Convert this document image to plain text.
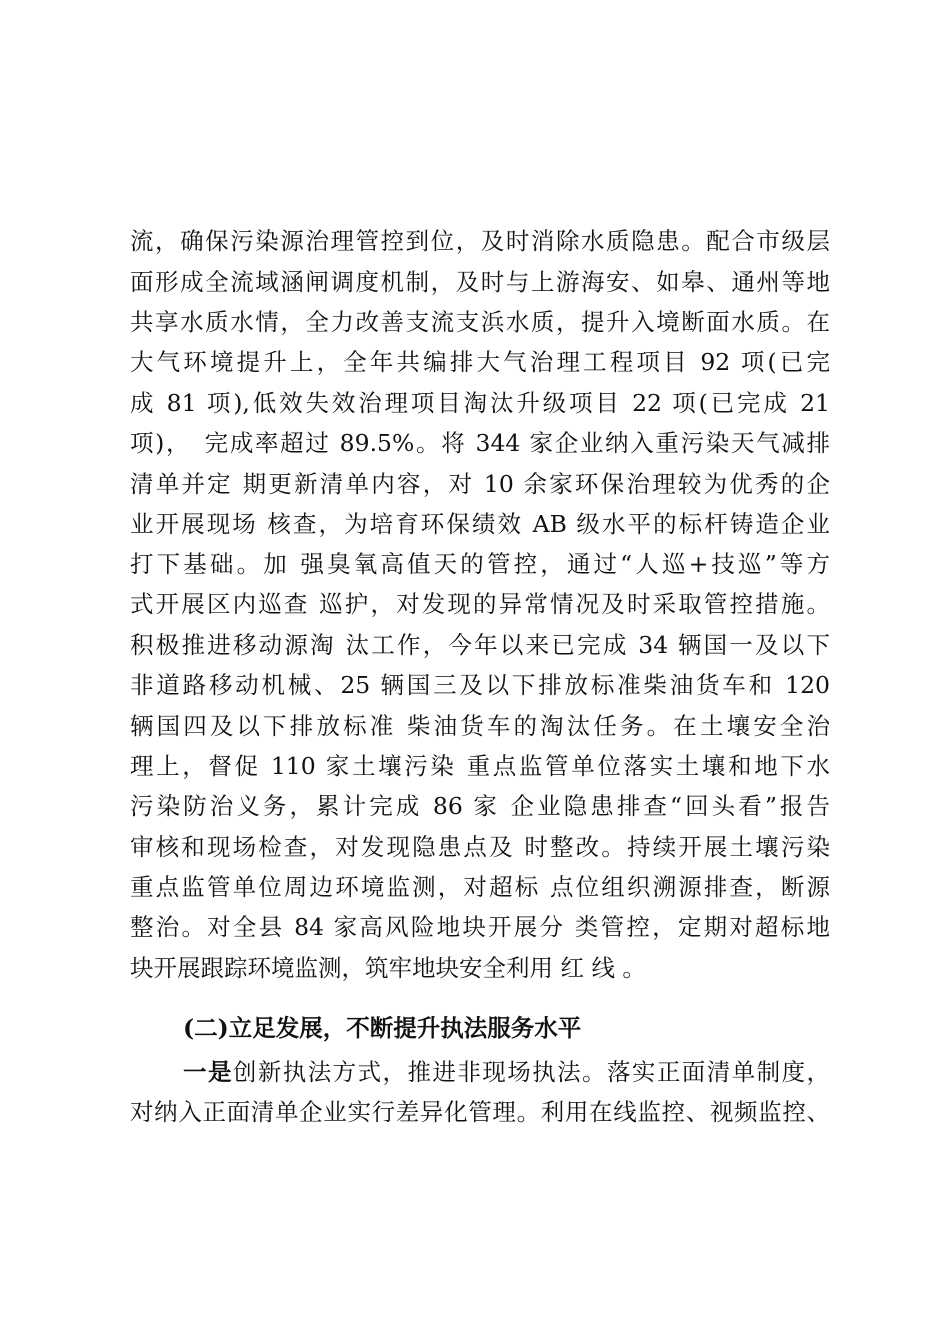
流，确保污染源治理管控到位，及时消除水质隐患。配合市级层
面形成全流域涵闸调度机制，及时与上游海安、如皋、通州等地
共享水质水情，全力改善支流支浜水质，提升入境断面水质。在
大气环境提升上，全年共编排大气治理工程项目 92 项(已完
成 81 项),低效失效治理项目淘汰升级项目 22 项(已完成 21
项)，　完成率超过 89.5%。将 344 家企业纳入重污染天气减排
清单并定 期更新清单内容，对 10 余家环保治理较为优秀的企
业开展现场 核查，为培育环保绩效 AB 级水平的标杆铸造企业
打下基础。加 强臭氧高值天的管控，通过“人巡+技巡”等方
式开展区内巡查 巡护，对发现的异常情况及时采取管控措施。
积极推进移动源淘 汰工作，今年以来已完成 34 辆国一及以下
非道路移动机械、25 辆国三及以下排放标准柴油货车和 120
辆国四及以下排放标准 柴油货车的淘汰任务。在土壤安全治
理上，督促 110 家土壤污染 重点监管单位落实土壤和地下水
污染防治义务，累计完成 86 家 企业隐患排查“回头看”报告
审核和现场检查，对发现隐患点及 时整改。持续开展土壤污染
重点监管单位周边环境监测，对超标 点位组织溯源排查，断源
整治。对全县 84 家高风险地块开展分 类管控，定期对超标地
块开展跟踪环境监测，筑牢地块安全利用 红 线 。
(二)立足发展，不断提升执法服务水平
一是创新执法方式，推进非现场执法。落实正面清单制度，
对纳入正面清单企业实行差异化管理。利用在线监控、视频监控、
